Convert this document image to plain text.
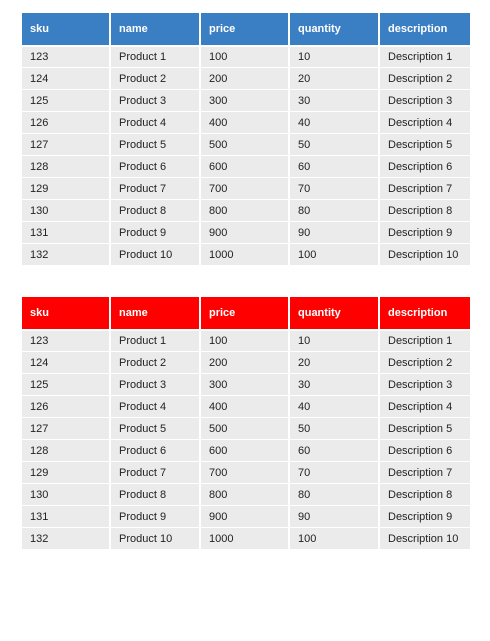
sku	name	price	quantity	description
123	Product 1	100	10	Description 1
124	Product 2	200	20	Description 2
125	Product 3	300	30	Description 3
126	Product 4	400	40	Description 4
127	Product 5	500	50	Description 5
128	Product 6	600	60	Description 6
129	Product 7	700	70	Description 7
130	Product 8	800	80	Description 8
131	Product 9	900	90	Description 9
132	Product 10	1000	100	Description 10
sku	name	price	quantity	description
123	Product 1	100	10	Description 1
124	Product 2	200	20	Description 2
125	Product 3	300	30	Description 3
126	Product 4	400	40	Description 4
127	Product 5	500	50	Description 5
128	Product 6	600	60	Description 6
129	Product 7	700	70	Description 7
130	Product 8	800	80	Description 8
131	Product 9	900	90	Description 9
132	Product 10	1000	100	Description 10
